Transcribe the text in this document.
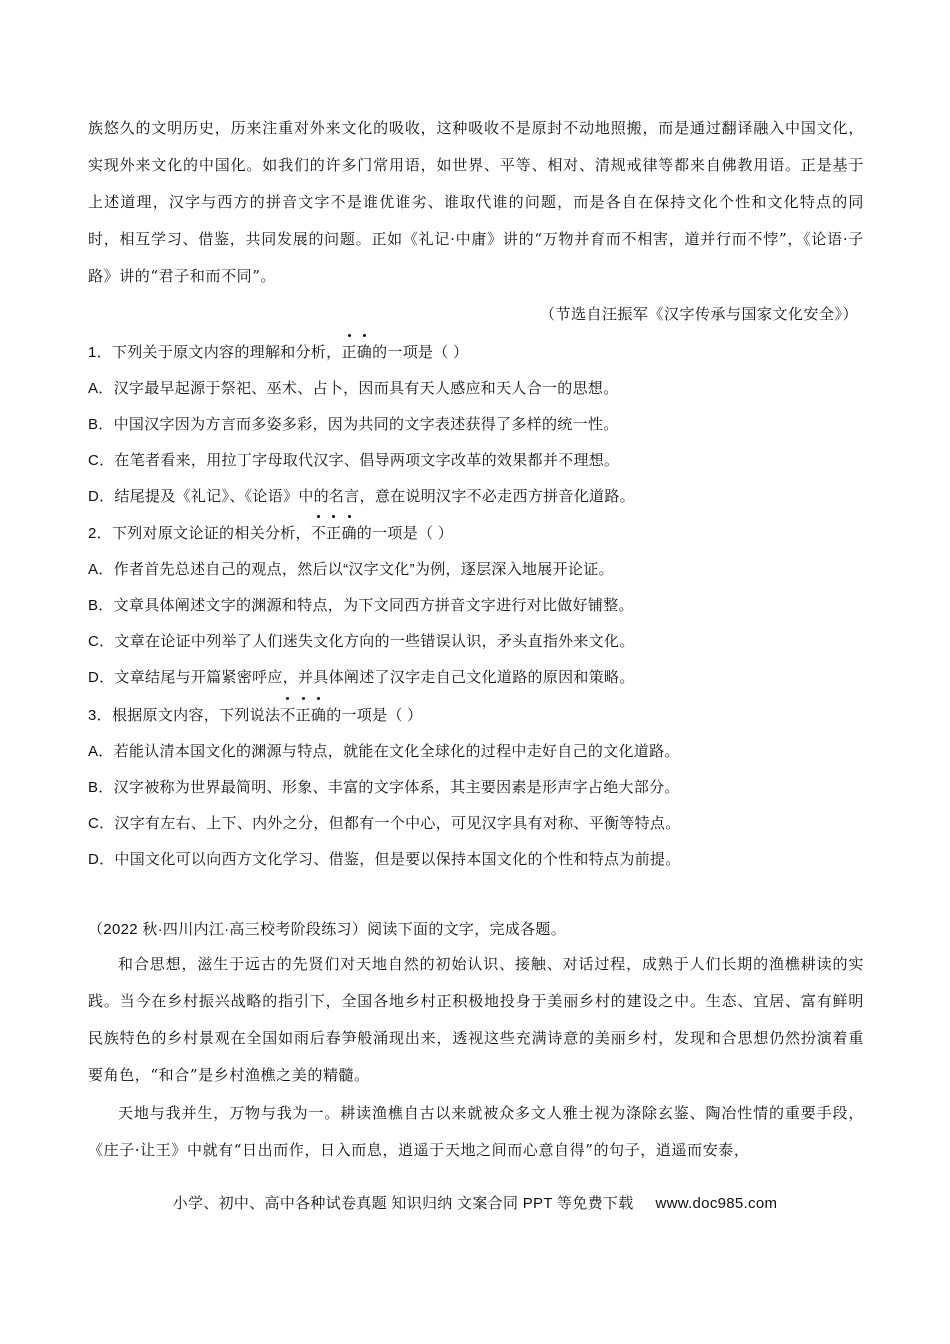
族悠久的文明历史，历来注重对外来文化的吸收，这种吸收不是原封不动地照搬，而是通过翻译融入中国文化，实现外来文化的中国化。如我们的许多门常用语，如世界、平等、相对、清规戒律等都来自佛教用语。正是基于上述道理，汉字与西方的拼音文字不是谁优谁劣、谁取代谁的问题，而是各自在保持文化个性和文化特点的同时，相互学习、借鉴，共同发展的问题。正如《礼记·中庸》讲的“万物并育而不相害，道并行而不悖”，《论语·子路》讲的“君子和而不同”。
（节选自汪振军《汉字传承与国家文化安全》）
1．下列关于原文内容的理解和分析，正确的一项是（ ）
A．汉字最早起源于祭祀、巫术、占卜，因而具有天人感应和天人合一的思想。
B．中国汉字因为方言而多姿多彩，因为共同的文字表述获得了多样的统一性。
C．在笔者看来，用拉丁字母取代汉字、倡导两项文字改革的效果都并不理想。
D．结尾提及《礼记》、《论语》中的名言，意在说明汉字不必走西方拼音化道路。
2．下列对原文论证的相关分析，不正确的一项是（ ）
A．作者首先总述自己的观点，然后以“汉字文化”为例，逐层深入地展开论证。
B．文章具体阐述文字的渊源和特点，为下文同西方拼音文字进行对比做好铺整。
C．文章在论证中列举了人们迷失文化方向的一些错误认识，矛头直指外来文化。
D．文章结尾与开篇紧密呼应，并具体阐述了汉字走自己文化道路的原因和策略。
3．根据原文内容，下列说法不正确的一项是（ ）
A．若能认清本国文化的渊源与特点，就能在文化全球化的过程中走好自己的文化道路。
B．汉字被称为世界最简明、形象、丰富的文字体系，其主要因素是形声字占绝大部分。
C．汉字有左右、上下、内外之分，但都有一个中心，可见汉字具有对称、平衡等特点。
D．中国文化可以向西方文化学习、借鉴，但是要以保持本国文化的个性和特点为前提。
（2022 秋·四川内江·高三校考阶段练习）阅读下面的文字，完成各题。
和合思想，滋生于远古的先贤们对天地自然的初始认识、接触、对话过程，成熟于人们长期的渔樵耕读的实践。当今在乡村振兴战略的指引下，全国各地乡村正积极地投身于美丽乡村的建设之中。生态、宜居、富有鲜明民族特色的乡村景观在全国如雨后春笋般涌现出来，透视这些充满诗意的美丽乡村，发现和合思想仍然扮演着重要角色，“和合”是乡村渔樵之美的精髓。
天地与我并生，万物与我为一。耕读渔樵自古以来就被众多文人雅士视为涤除玄鉴、陶冶性情的重要手段，《庄子·让王》中就有“日出而作，日入而息，逍遥于天地之间而心意自得”的句子，逍遥而安泰，
小学、初中、高中各种试卷真题 知识归纳 文案合同 PPT 等免费下载 www.doc985.com
